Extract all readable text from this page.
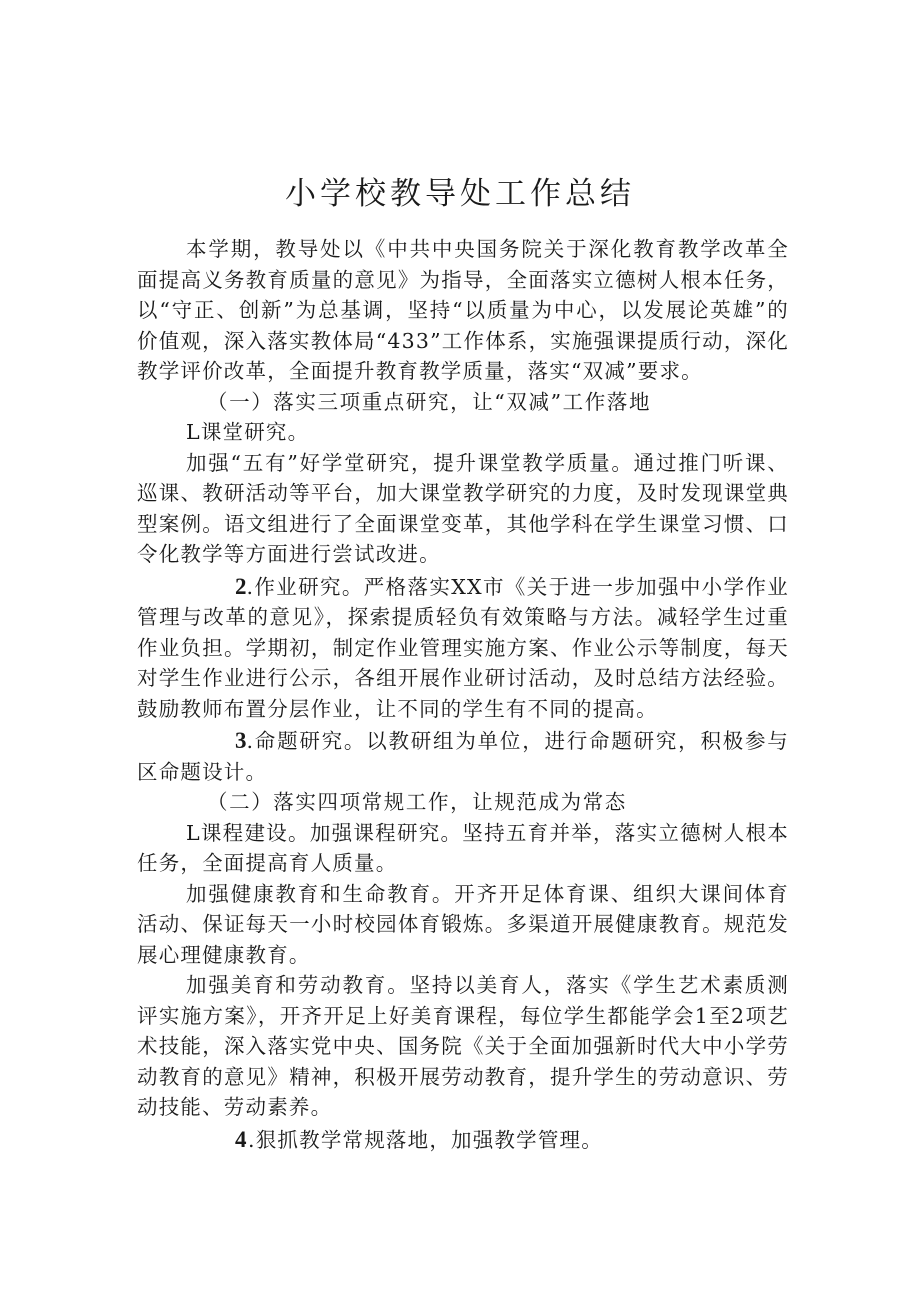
小学校教导处工作总结

本学期，教导处以《中共中央国务院关于深化教育教学改革全面提高义务教育质量的意见》为指导，全面落实立德树人根本任务，以“守正、创新”为总基调，坚持“以质量为中心，以发展论英雄”的价值观，深入落实教体局“433”工作体系，实施强课提质行动，深化教学评价改革，全面提升教育教学质量，落实“双减”要求。

（一）落实三项重点研究，让“双减”工作落地

L课堂研究。

加强“五有”好学堂研究，提升课堂教学质量。通过推门听课、巡课、教研活动等平台，加大课堂教学研究的力度，及时发现课堂典型案例。语文组进行了全面课堂变革，其他学科在学生课堂习惯、口令化教学等方面进行尝试改进。

2.作业研究。严格落实XX市《关于进一步加强中小学作业管理与改革的意见》，探索提质轻负有效策略与方法。减轻学生过重作业负担。学期初，制定作业管理实施方案、作业公示等制度，每天对学生作业进行公示，各组开展作业研讨活动，及时总结方法经验。鼓励教师布置分层作业，让不同的学生有不同的提高。

3.命题研究。以教研组为单位，进行命题研究，积极参与区命题设计。

（二）落实四项常规工作，让规范成为常态

L课程建设。加强课程研究。坚持五育并举，落实立德树人根本任务，全面提高育人质量。

加强健康教育和生命教育。开齐开足体育课、组织大课间体育活动、保证每天一小时校园体育锻炼。多渠道开展健康教育。规范发展心理健康教育。

加强美育和劳动教育。坚持以美育人，落实《学生艺术素质测评实施方案》，开齐开足上好美育课程，每位学生都能学会1至2项艺术技能，深入落实党中央、国务院《关于全面加强新时代大中小学劳动教育的意见》精神，积极开展劳动教育，提升学生的劳动意识、劳动技能、劳动素养。

4.狠抓教学常规落地，加强教学管理。
